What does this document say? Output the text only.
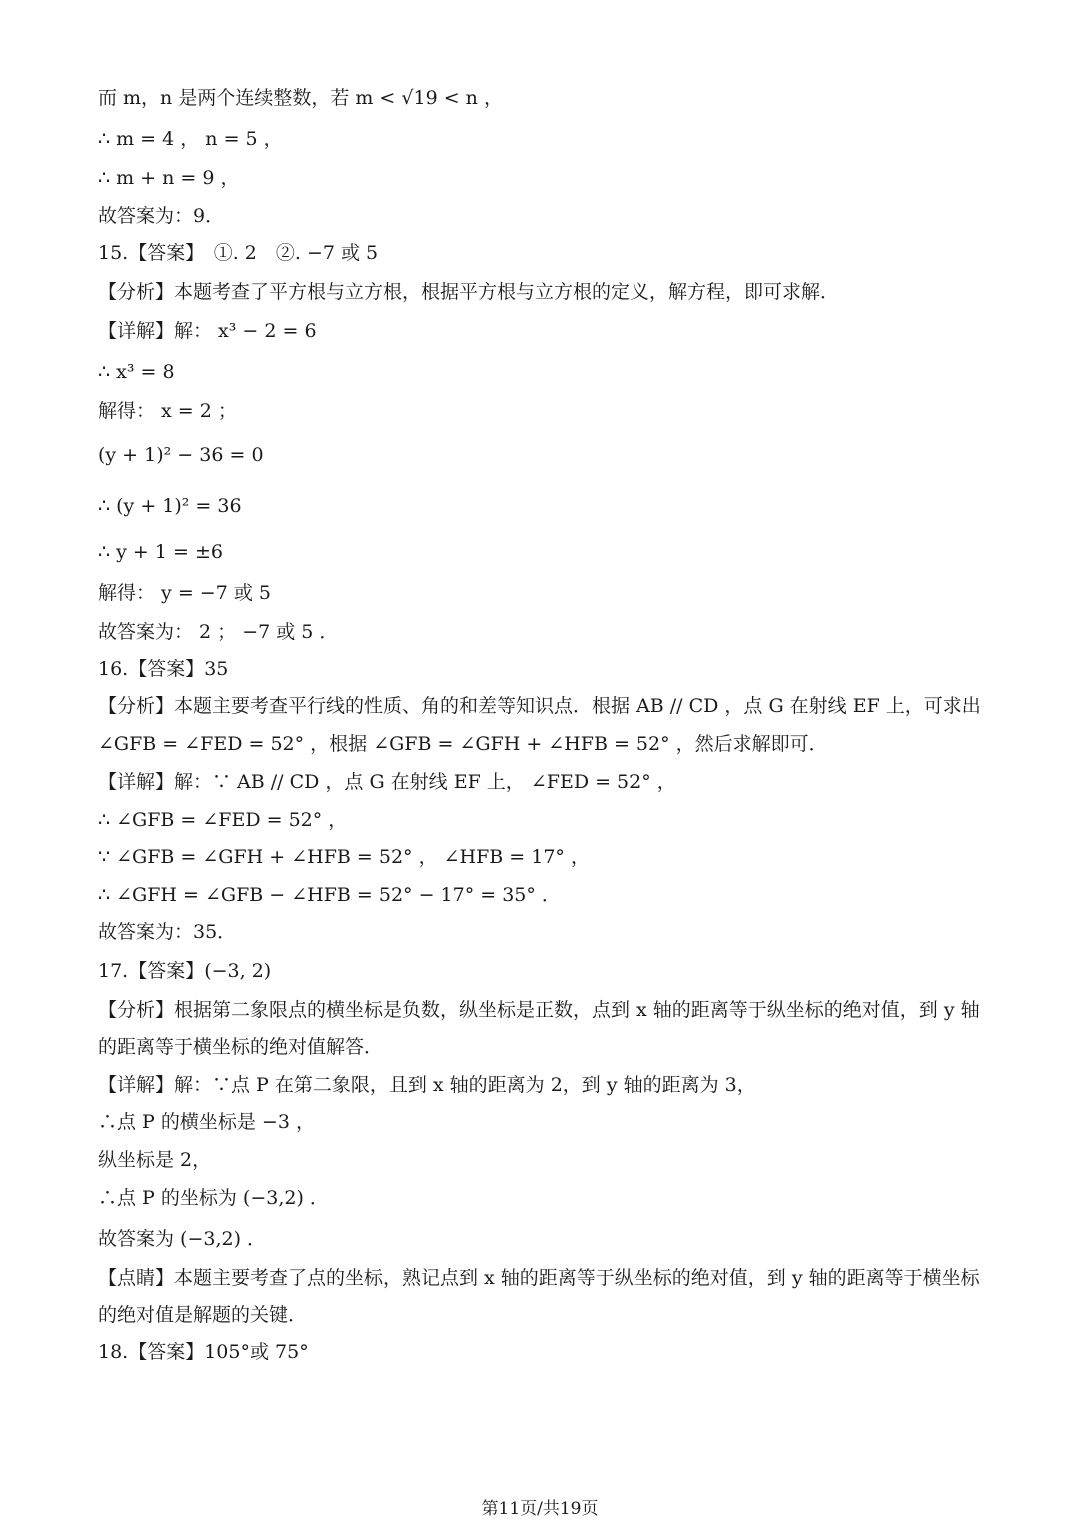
而 m，n 是两个连续整数，若 m < √19 < n ，
∴ m = 4 ， n = 5 ，
∴ m + n = 9 ，
故答案为：9．
15.【答案】　①. 2　②. −7 或 5
【分析】本题考查了平方根与立方根，根据平方根与立方根的定义，解方程，即可求解．
【详解】解： x³ − 2 = 6
∴ x³ = 8
解得： x = 2 ；
(y + 1)² − 36 = 0
∴ (y + 1)² = 36
∴ y + 1 = ±6
解得： y = −7 或 5
故答案为： 2 ； −7 或 5 ．
16.【答案】35
【分析】本题主要考查平行线的性质、角的和差等知识点．根据 AB // CD ，点 G 在射线 EF 上，可求出
∠GFB = ∠FED = 52° ，根据 ∠GFB = ∠GFH + ∠HFB = 52° ，然后求解即可．
【详解】解：∵ AB // CD ，点 G 在射线 EF 上， ∠FED = 52° ，
∴ ∠GFB = ∠FED = 52° ，
∵ ∠GFB = ∠GFH + ∠HFB = 52° ， ∠HFB = 17° ，
∴ ∠GFH = ∠GFB − ∠HFB = 52° − 17° = 35° ．
故答案为：35．
17.【答案】(−3, 2)
【分析】根据第二象限点的横坐标是负数，纵坐标是正数，点到 x 轴的距离等于纵坐标的绝对值，到 y 轴
的距离等于横坐标的绝对值解答．
【详解】解：∵点 P 在第二象限，且到 x 轴的距离为 2，到 y 轴的距离为 3，
∴点 P 的横坐标是 −3 ，
纵坐标是 2，
∴点 P 的坐标为 (−3,2) ．
故答案为 (−3,2) ．
【点睛】本题主要考查了点的坐标，熟记点到 x 轴的距离等于纵坐标的绝对值，到 y 轴的距离等于横坐标
的绝对值是解题的关键．
18.【答案】105°或 75°
第11页/共19页
